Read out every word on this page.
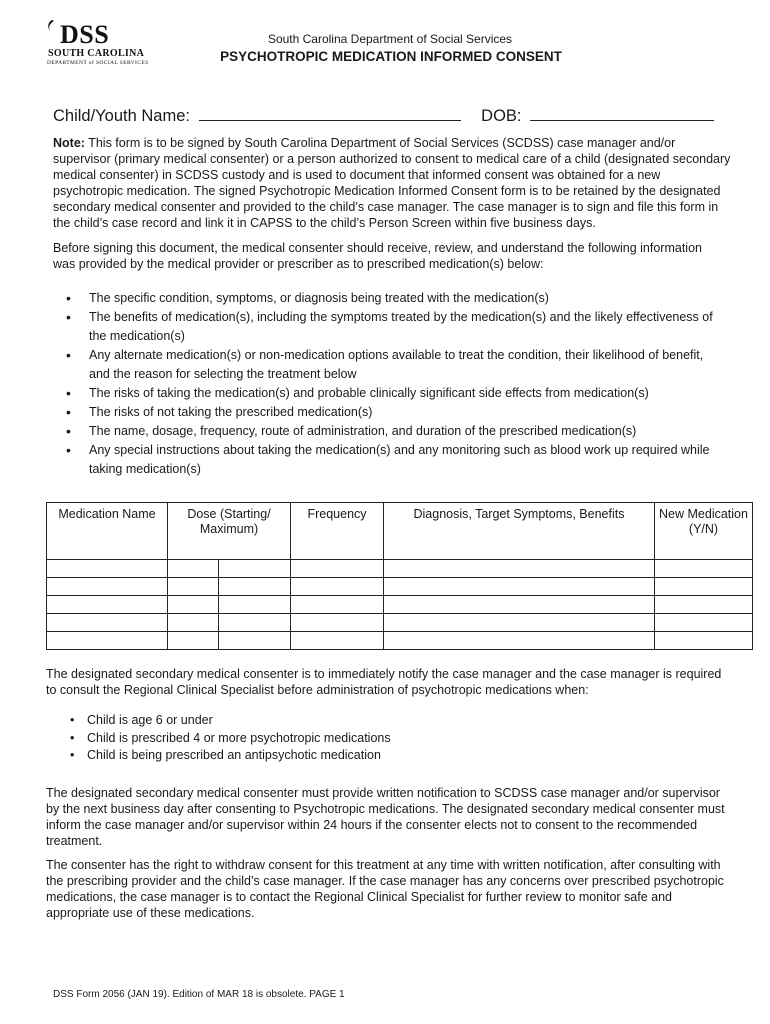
DSS
SOUTH CAROLINA
DEPARTMENT of SOCIAL SERVICES
South Carolina Department of Social Services
PSYCHOTROPIC MEDICATION INFORMED CONSENT
Child/Youth Name:	DOB:
Note: This form is to be signed by South Carolina Department of Social Services (SCDSS) case manager and/or supervisor (primary medical consenter) or a person authorized to consent to medical care of a child (designated secondary medical consenter) in SCDSS custody and is used to document that informed consent was obtained for a new psychotropic medication. The signed Psychotropic Medication Informed Consent form is to be retained by the designated secondary medical consenter and provided to the child’s case manager. The case manager is to sign and file this form in the child’s case record and link it in CAPSS to the child’s Person Screen within five business days.
Before signing this document, the medical consenter should receive, review, and understand the following information was provided by the medical provider or prescriber as to prescribed medication(s) below:
• The specific condition, symptoms, or diagnosis being treated with the medication(s)
• The benefits of medication(s), including the symptoms treated by the medication(s) and the likely effectiveness of the medication(s)
• Any alternate medication(s) or non-medication options available to treat the condition, their likelihood of benefit, and the reason for selecting the treatment below
• The risks of taking the medication(s) and probable clinically significant side effects from medication(s)
• The risks of not taking the prescribed medication(s)
• The name, dosage, frequency, route of administration, and duration of the prescribed medication(s)
• Any special instructions about taking the medication(s) and any monitoring such as blood work up required while taking medication(s)
Medication Name	Dose (Starting/ Maximum)		Frequency	Diagnosis, Target Symptoms, Benefits	New Medication (Y/N)

The designated secondary medical consenter is to immediately notify the case manager and the case manager is required to consult the Regional Clinical Specialist before administration of psychotropic medications when:
• Child is age 6 or under
• Child is prescribed 4 or more psychotropic medications
• Child is being prescribed an antipsychotic medication
The designated secondary medical consenter must provide written notification to SCDSS case manager and/or supervisor by the next business day after consenting to Psychotropic medications. The designated secondary medical consenter must inform the case manager and/or supervisor within 24 hours if the consenter elects not to consent to the recommended treatment.
The consenter has the right to withdraw consent for this treatment at any time with written notification, after consulting with the prescribing provider and the child’s case manager. If the case manager has any concerns over prescribed psychotropic medications, the case manager is to contact the Regional Clinical Specialist for further review to monitor safe and appropriate use of these medications.
DSS Form 2056 (JAN 19). Edition of MAR 18 is obsolete. PAGE 1
